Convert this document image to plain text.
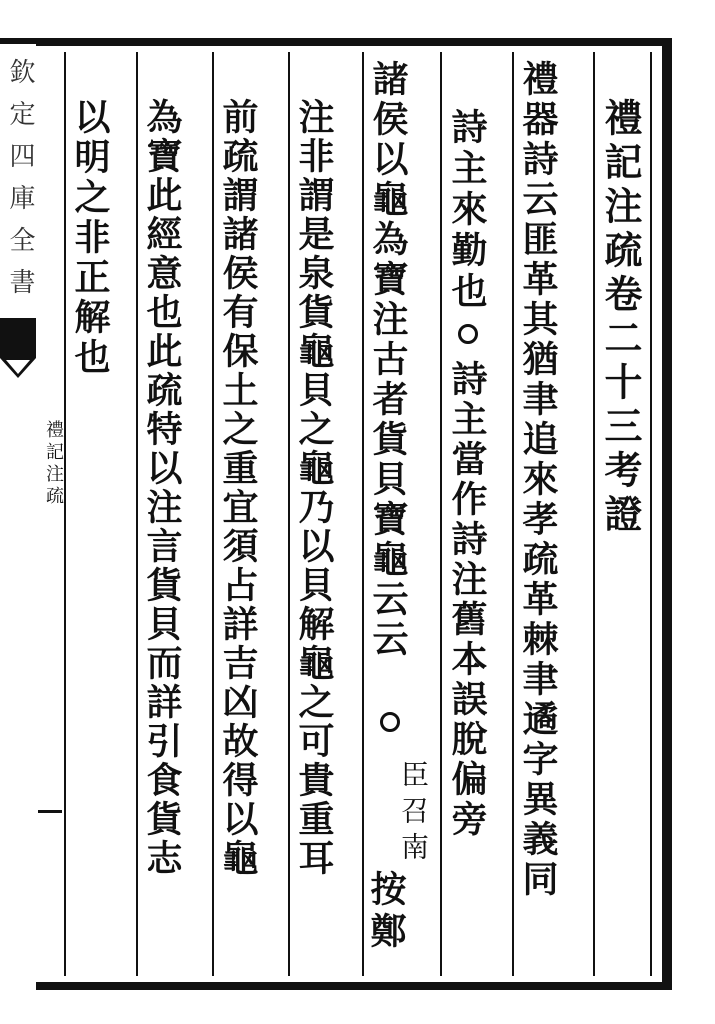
禮記注疏卷二十三考證
禮器詩云匪革其猶聿追來孝疏革棘聿遹字異義同
詩主來勤也
詩主當作詩注舊本誤脫偏旁
諸侯以龜為寶注古者貨貝寶龜云云
臣召南
按鄭
注非謂是泉貨龜貝之龜乃以貝解龜之可貴重耳
前疏謂諸侯有保土之重宜須占詳吉凶故得以龜
為寶此經意也此疏特以注言貨貝而詳引食貨志
以明之非正解也
欽定四庫全書
禮記注疏
